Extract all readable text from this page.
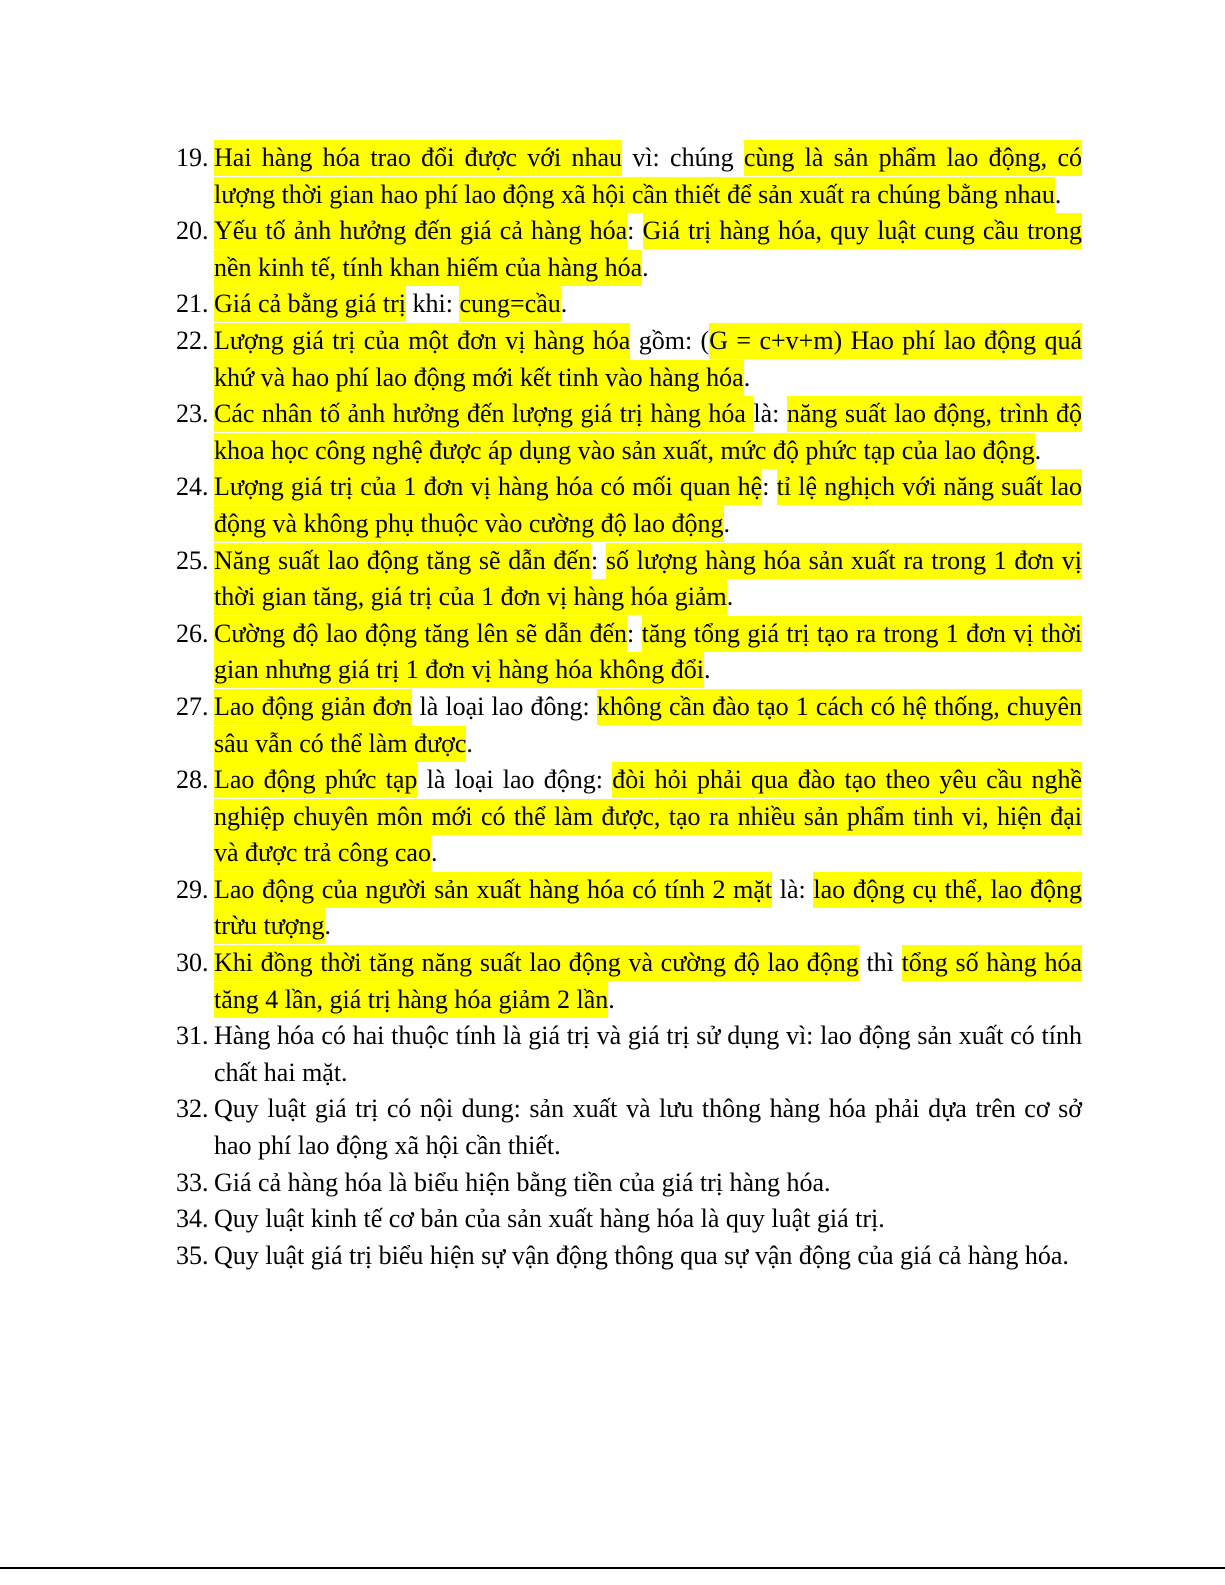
19. Hai hàng hóa trao đổi được với nhau vì: chúng cùng là sản phẩm lao động, có lượng thời gian hao phí lao động xã hội cần thiết để sản xuất ra chúng bằng nhau.
20. Yếu tố ảnh hưởng đến giá cả hàng hóa: Giá trị hàng hóa, quy luật cung cầu trong nền kinh tế, tính khan hiếm của hàng hóa.
21. Giá cả bằng giá trị khi: cung=cầu.
22. Lượng giá trị của một đơn vị hàng hóa gồm: (G = c+v+m) Hao phí lao động quá khứ và hao phí lao động mới kết tinh vào hàng hóa.
23. Các nhân tố ảnh hưởng đến lượng giá trị hàng hóa là: năng suất lao động, trình độ khoa học công nghệ được áp dụng vào sản xuất, mức độ phức tạp của lao động.
24. Lượng giá trị của 1 đơn vị hàng hóa có mối quan hệ: tỉ lệ nghịch với năng suất lao động và không phụ thuộc vào cường độ lao động.
25. Năng suất lao động tăng sẽ dẫn đến: số lượng hàng hóa sản xuất ra trong 1 đơn vị thời gian tăng, giá trị của 1 đơn vị hàng hóa giảm.
26. Cường độ lao động tăng lên sẽ dẫn đến: tăng tổng giá trị tạo ra trong 1 đơn vị thời gian nhưng giá trị 1 đơn vị hàng hóa không đổi.
27. Lao động giản đơn là loại lao đông: không cần đào tạo 1 cách có hệ thống, chuyên sâu vẫn có thể làm được.
28. Lao động phức tạp là loại lao động: đòi hỏi phải qua đào tạo theo yêu cầu nghề nghiệp chuyên môn mới có thể làm được, tạo ra nhiều sản phẩm tinh vi, hiện đại và được trả công cao.
29. Lao động của người sản xuất hàng hóa có tính 2 mặt là: lao động cụ thể, lao động trừu tượng.
30. Khi đồng thời tăng năng suất lao động và cường độ lao động thì tổng số hàng hóa tăng 4 lần, giá trị hàng hóa giảm 2 lần.
31. Hàng hóa có hai thuộc tính là giá trị và giá trị sử dụng vì: lao động sản xuất có tính chất hai mặt.
32. Quy luật giá trị có nội dung: sản xuất và lưu thông hàng hóa phải dựa trên cơ sở hao phí lao động xã hội cần thiết.
33. Giá cả hàng hóa là biểu hiện bằng tiền của giá trị hàng hóa.
34. Quy luật kinh tế cơ bản của sản xuất hàng hóa là quy luật giá trị.
35. Quy luật giá trị biểu hiện sự vận động thông qua sự vận động của giá cả hàng hóa.
